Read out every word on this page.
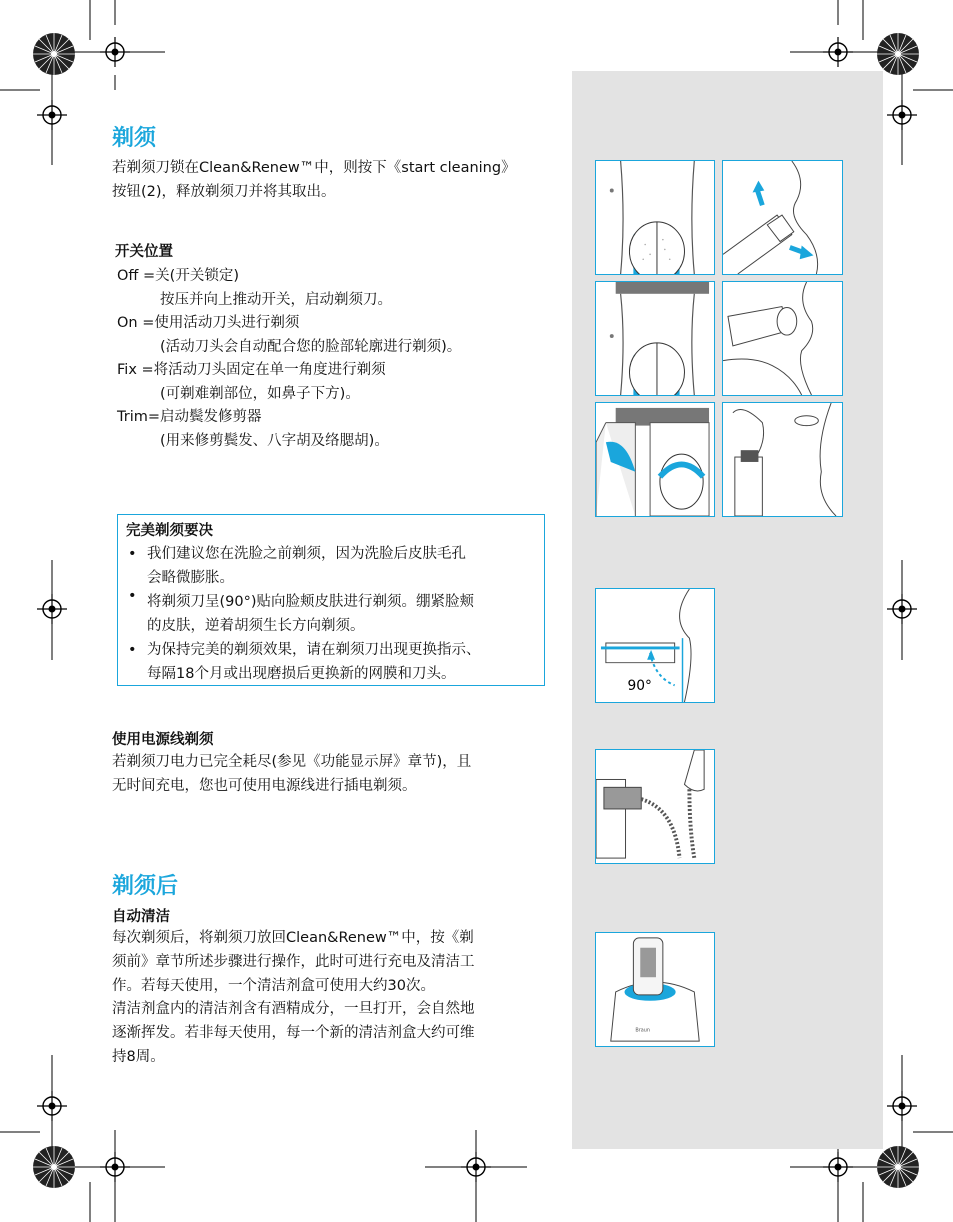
剃须

若剃须刀锁在Clean&Renew™中，则按下《start cleaning》

按钮(2)，释放剃须刀并将其取出。

开关位置
Off =关(开关锁定)
按压并向上推动开关，启动剃须刀。
On =使用活动刀头进行剃须
(活动刀头会自动配合您的脸部轮廓进行剃须)。
Fix =将活动刀头固定在单一角度进行剃须
(可剃难剃部位，如鼻子下方)。
Trim=启动鬓发修剪器
(用来修剪鬓发、八字胡及络腮胡)。
完美剃须要决
• 我们建议您在洗脸之前剃须，因为洗脸后皮肤毛孔
会略微膨胀。
• 将剃须刀呈(90°)贴向脸颊皮肤进行剃须。绷紧脸颊
的皮肤，逆着胡须生长方向剃须。
• 为保持完美的剃须效果，请在剃须刀出现更换指示、
每隔18个月或出现磨损后更换新的网膜和刀头。
使用电源线剃须

若剃须刀电力已完全耗尽(参见《功能显示屏》章节)，且

无时间充电，您也可使用电源线进行插电剃须。

剃须后
自动清洁

每次剃须后，将剃须刀放回Clean&Renew™中，按《剃

须前》章节所述步骤进行操作，此时可进行充电及清洁工

作。若每天使用，一个清洁剂盒可使用大约30次。

清洁剂盒内的清洁剂含有酒精成分，一旦打开，会自然地

逐渐挥发。若非每天使用，每一个新的清洁剂盒大约可维

持8周。

90°
Braun
